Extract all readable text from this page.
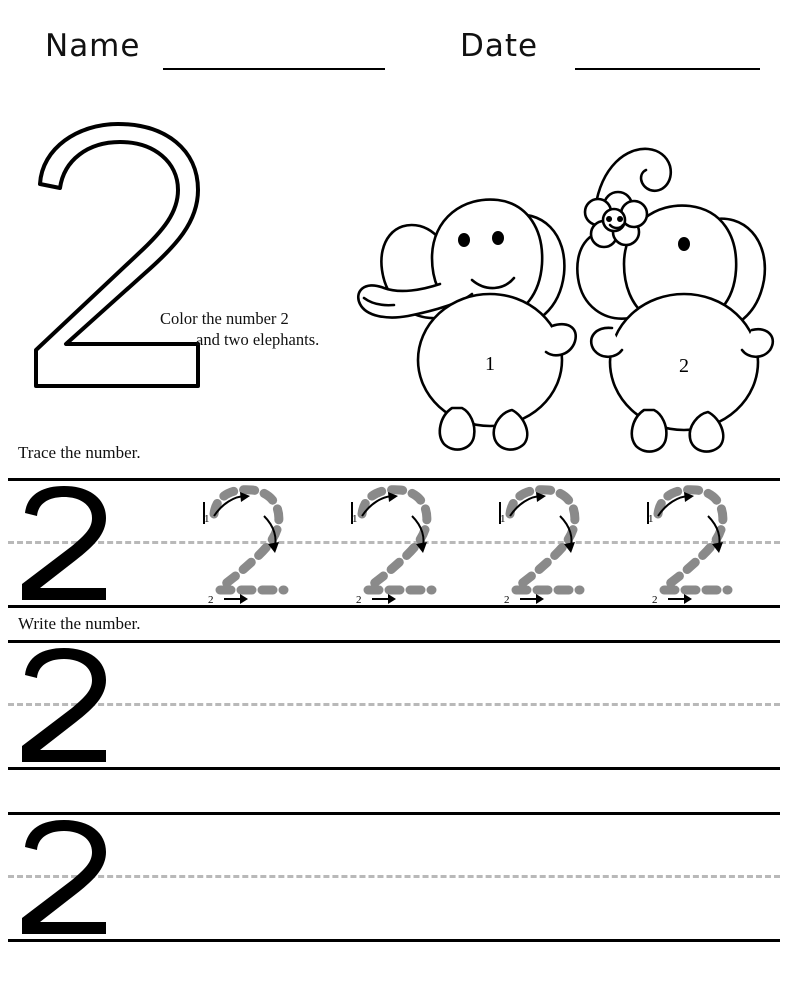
Name	Date
Color the number 2
and two elephants.
1	2
Trace the number.
1
2
1
2
1
2
1
2
Write the number.
